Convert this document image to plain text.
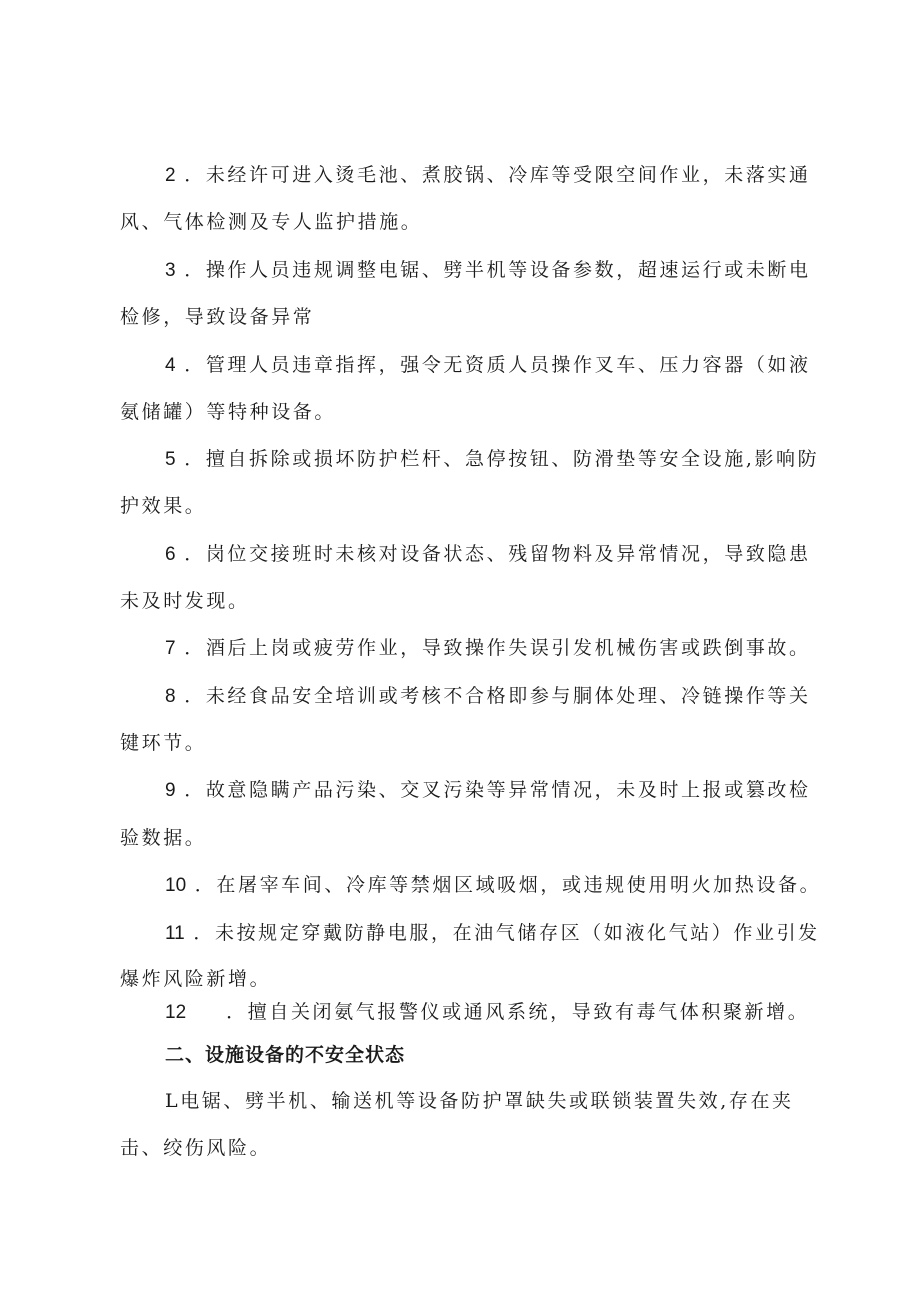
2 ．未经许可进入烫毛池、煮胶锅、冷库等受限空间作业，未落实通
风、气体检测及专人监护措施。
3 ．操作人员违规调整电锯、劈半机等设备参数，超速运行或未断电
检修，导致设备异常
4 ．管理人员违章指挥，强令无资质人员操作叉车、压力容器（如液
氨储罐）等特种设备。
5 ．擅自拆除或损坏防护栏杆、急停按钮、防滑垫等安全设施,影响防
护效果。
6 ．岗位交接班时未核对设备状态、残留物料及异常情况，导致隐患
未及时发现。
7 ．酒后上岗或疲劳作业，导致操作失误引发机械伤害或跌倒事故。
8 ．未经食品安全培训或考核不合格即参与胴体处理、冷链操作等关
键环节。
9 ．故意隐瞒产品污染、交叉污染等异常情况，未及时上报或篡改检
验数据。
10 ．在屠宰车间、冷库等禁烟区域吸烟，或违规使用明火加热设备。
11 ．未按规定穿戴防静电服，在油气储存区（如液化气站）作业引发
爆炸风险新增。
12 ．擅自关闭氨气报警仪或通风系统，导致有毒气体积聚新增。
二、设施设备的不安全状态
L电锯、劈半机、输送机等设备防护罩缺失或联锁装置失效,存在夹
击、绞伤风险。
